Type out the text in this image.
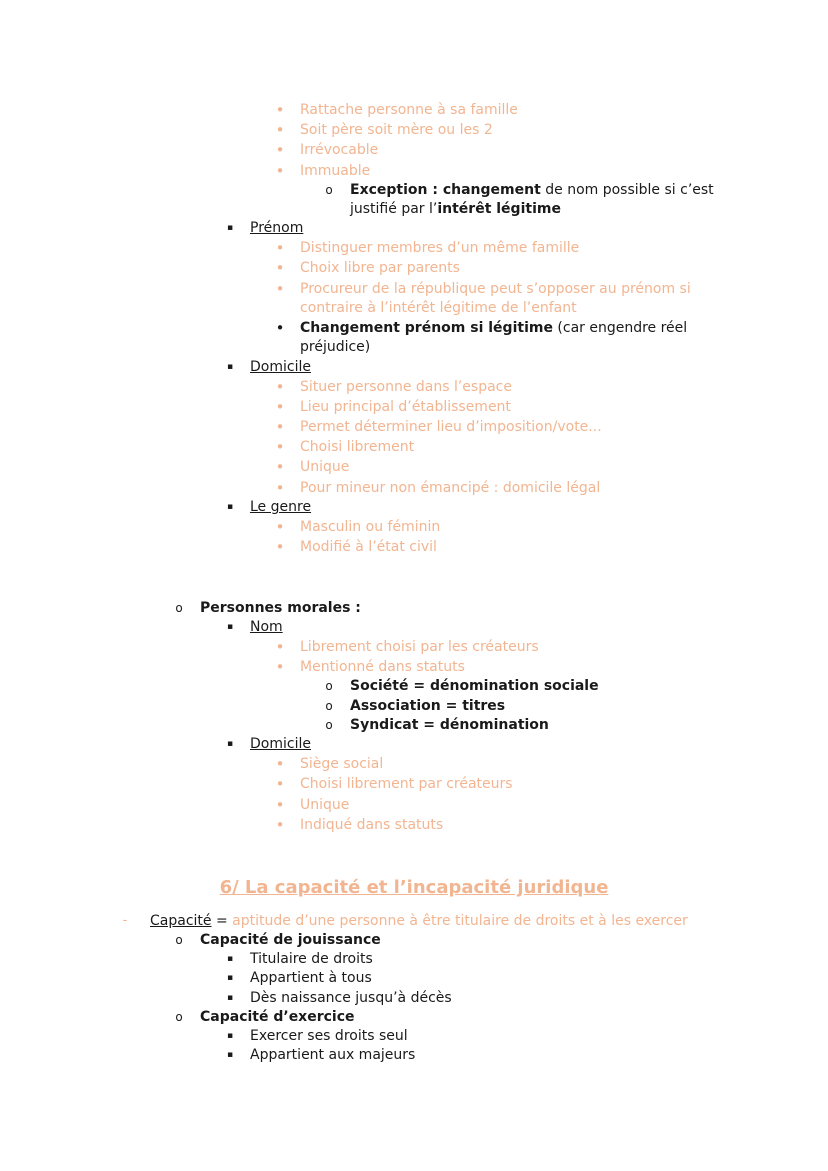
• Rattache personne à sa famille
• Soit père soit mère ou les 2
• Irrévocable
• Immuable
o Exception : changement de nom possible si c’est
justifié par l’intérêt légitime
▪ Prénom
• Distinguer membres d’un même famille
• Choix libre par parents
• Procureur de la république peut s’opposer au prénom si
contraire à l’intérêt légitime de l’enfant
• Changement prénom si légitime (car engendre réel
préjudice)
▪ Domicile
• Situer personne dans l’espace
• Lieu principal d’établissement
• Permet déterminer lieu d’imposition/vote...
• Choisi librement
• Unique
• Pour mineur non émancipé : domicile légal
▪ Le genre
• Masculin ou féminin
• Modifié à l’état civil
o Personnes morales :
▪ Nom
• Librement choisi par les créateurs
• Mentionné dans statuts
o Société = dénomination sociale
o Association = titres
o Syndicat = dénomination
▪ Domicile
• Siège social
• Choisi librement par créateurs
• Unique
• Indiqué dans statuts
6/ La capacité et l’incapacité juridique
-	Capacité = aptitude d’une personne à être titulaire de droits et à les exercer
o Capacité de jouissance
▪ Titulaire de droits
▪ Appartient à tous
▪ Dès naissance jusqu’à décès
o Capacité d’exercice
▪ Exercer ses droits seul
▪ Appartient aux majeurs
